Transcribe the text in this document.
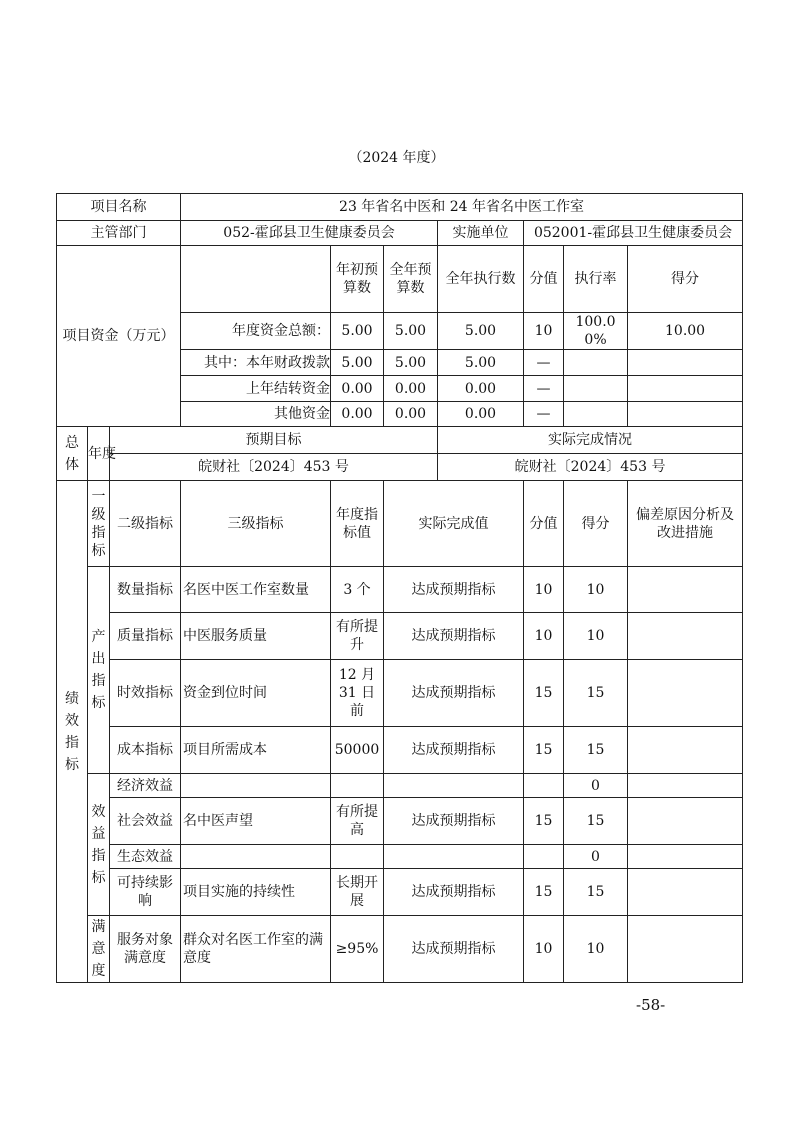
（2024 年度）
项目名称			23 年省名中医和 24 年省名中医工作室						
主管部门			052-霍邱县卫生健康委员会			实施单位	052001-霍邱县卫生健康委员会		
项目资金（万元）				年初预算数	全年预算数	全年执行数	分值	执行率	得分
			年度资金总额：	5.00	5.00	5.00	10	100.00%	10.00
			其中：本年财政拨款	5.00	5.00	5.00	—		
			上年结转资金	0.00	0.00	0.00	—		
			其他资金	0.00	0.00	0.00	—		
总体	年度	预期目标				实际完成情况			
		皖财社〔2024〕453 号				皖财社〔2024〕453 号			
绩效指标	一级指标	二级指标	三级指标	年度指标值	实际完成值		分值	得分	偏差原因分析及改进措施
	产出指标	数量指标	名医中医工作室数量	3 个	达成预期指标		10	10	
		质量指标	中医服务质量	有所提升	达成预期指标		10	10	
		时效指标	资金到位时间	12 月 31 日前	达成预期指标		15	15	
		成本指标	项目所需成本	50000	达成预期指标		15	15	
	效益指标	经济效益						0	
		社会效益	名中医声望	有所提高	达成预期指标		15	15	
		生态效益						0	
		可持续影响	项目实施的持续性	长期开展	达成预期指标		15	15	
	满意度	服务对象满意度	群众对名医工作室的满意度	≥95%	达成预期指标		10	10	
-58-
